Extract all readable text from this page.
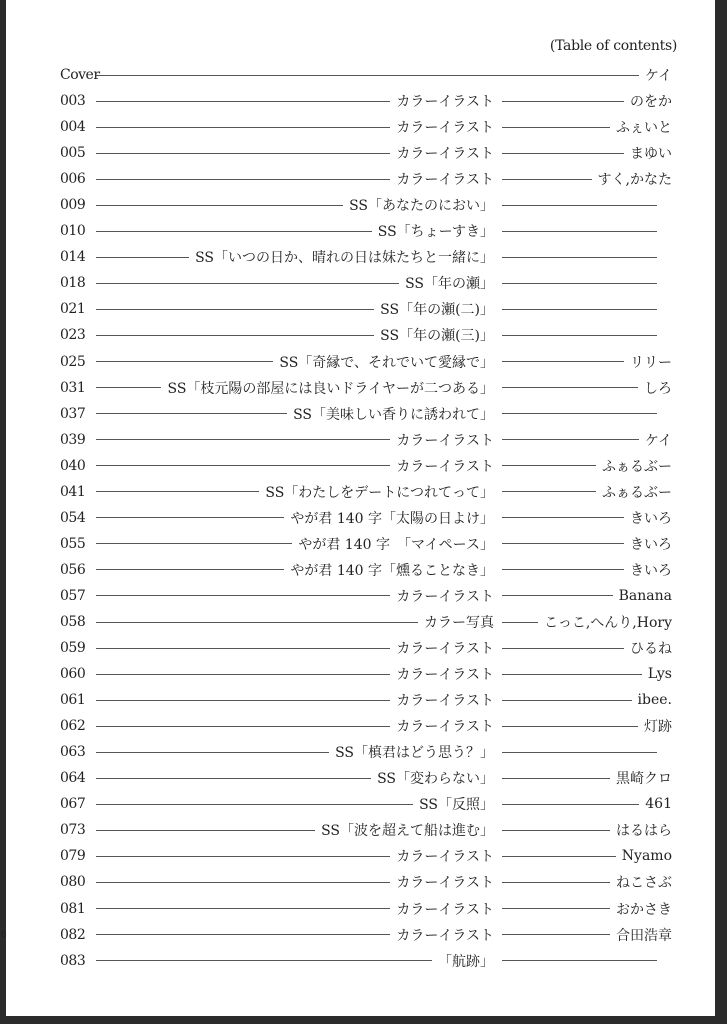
(Table of contents)
Cover	ケイ
003	カラーイラスト	のをか
004	カラーイラスト	ふぇいと
005	カラーイラスト	まゆい
006	カラーイラスト	すく,かなた
009	SS「あなたのにおい」
010	SS「ちょーすき」
014	SS「いつの日か、晴れの日は妹たちと一緒に」
018	SS「年の瀬」
021	SS「年の瀬(二)」
023	SS「年の瀬(三)」
025	SS「奇縁で、それでいて愛縁で」	リリー
031	SS「枝元陽の部屋には良いドライヤーが二つある」	しろ
037	SS「美味しい香りに誘われて」
039	カラーイラスト	ケイ
040	カラーイラスト	ふぁるぶー
041	SS「わたしをデートにつれてって」	ふぁるぶー
054	やが君 140 字「太陽の日よけ」	きいろ
055	やが君 140 字　「マイペース」	きいろ
056	やが君 140 字「燻ることなき」	きいろ
057	カラーイラスト	Banana
058	カラー写真	こっこ,へんり,Hory
059	カラーイラスト	ひるね
060	カラーイラスト	Lys
061	カラーイラスト	ibee.
062	カラーイラスト	灯跡
063	SS「槙君はどう思う？」
064	SS「変わらない」	黒崎クロ
067	SS「反照」	461
073	SS「波を超えて船は進む」	はるはら
079	カラーイラスト	Nyamo
080	カラーイラスト	ねこさぶ
081	カラーイラスト	おかさき
082	カラーイラスト	合田浩章
083	「航跡」
8
